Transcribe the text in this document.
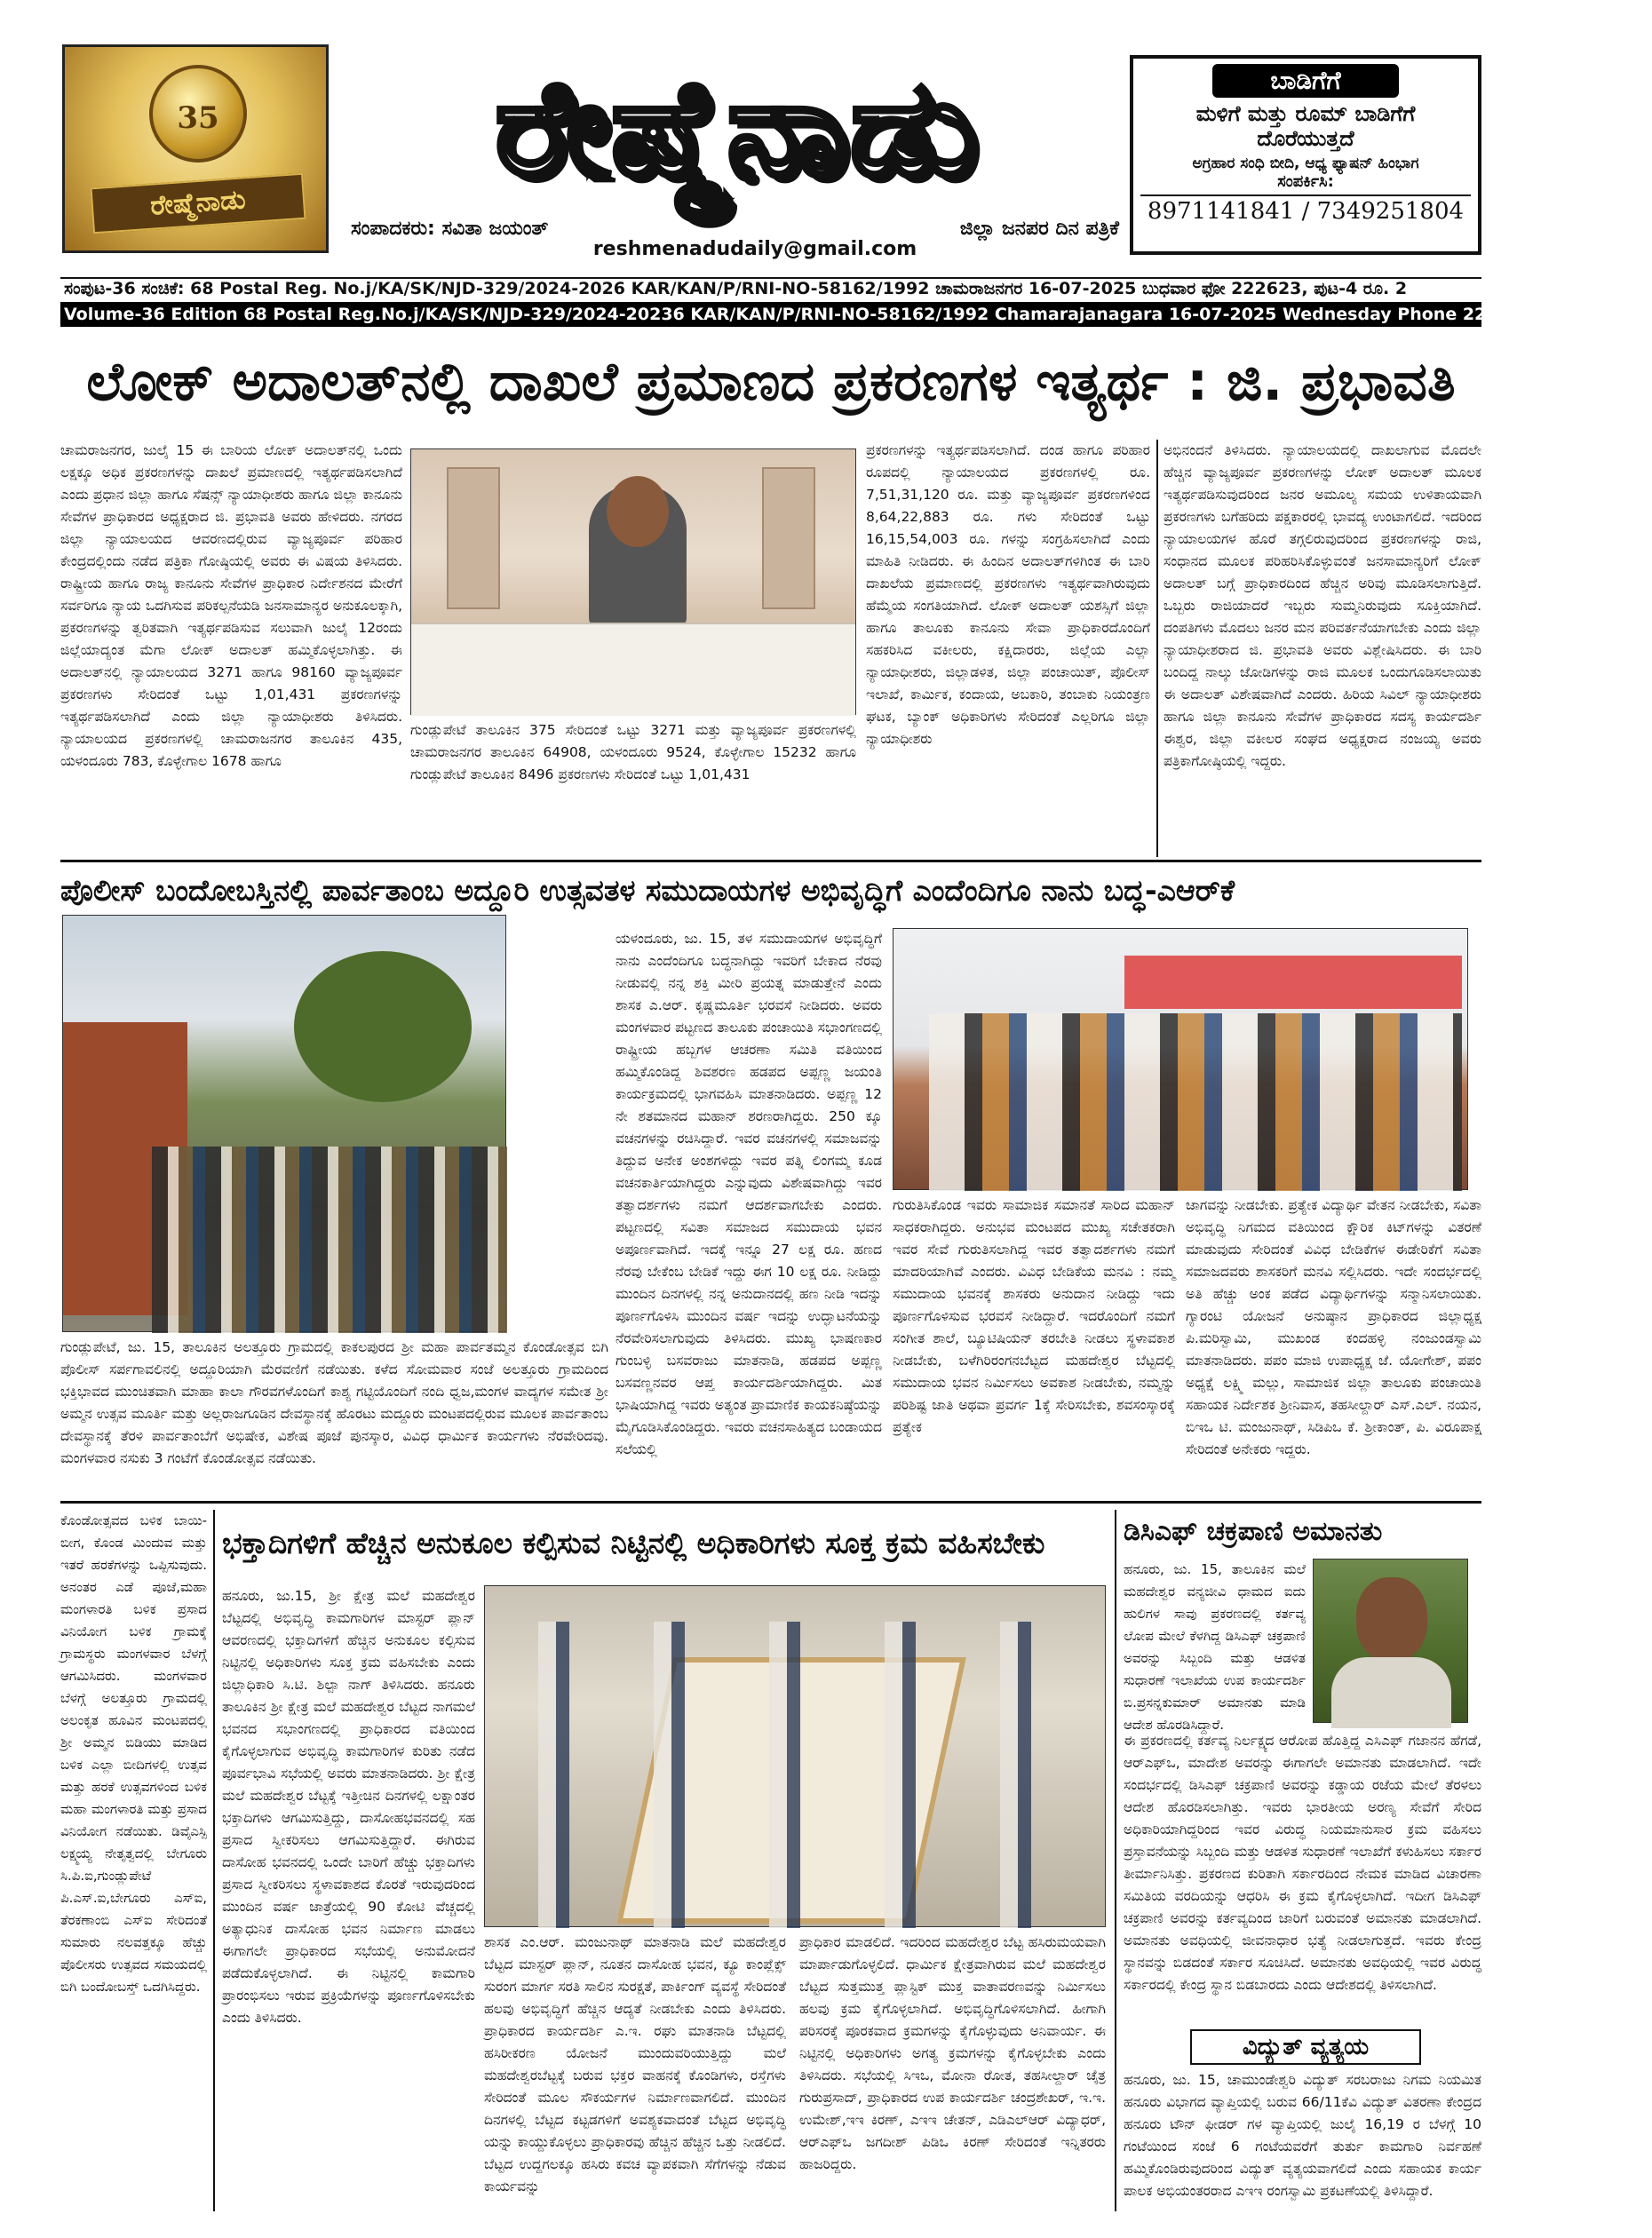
35
ರೇಷ್ಮೆನಾಡು	ರೇಷ್ಮೆನಾಡು
ಸಂಪಾದಕರು: ಸವಿತಾ ಜಯಂತ್	ಜಿಲ್ಲಾ ಜನಪರ ದಿನ ಪತ್ರಿಕೆ
reshmenadudaily@gmail.com
ಬಾಡಿಗೆಗೆ
ಮಳಿಗೆ ಮತ್ತು ರೂಮ್ ಬಾಡಿಗೆಗೆ
ದೊರೆಯುತ್ತದೆ
ಅಗ್ರಹಾರ ಸಂಧಿ ಬೀದಿ, ಆಧ್ಯ ಫ್ಯಾಷನ್ ಹಿಂಭಾಗ
ಸಂಪರ್ಕಿಸಿ:
8971141841 / 7349251804
ಸಂಪುಟ-36 ಸಂಚಿಕೆ: 68 Postal Reg. No.j/KA/SK/NJD-329/2024-2026 KAR/KAN/P/RNI-NO-58162/1992 ಚಾಮರಾಜನಗರ 16-07-2025 ಬುಧವಾರ ಫೋ 222623, ಪುಟ-4 ರೂ. 2
Volume-36 Edition 68 Postal Reg.No.j/KA/SK/NJD-329/2024-20236 KAR/KAN/P/RNI-NO-58162/1992 Chamarajanagara 16-07-2025 Wednesday Phone 222623 Page-4 Rs.2
ಲೋಕ್ ಅದಾಲತ್‌ನಲ್ಲಿ ದಾಖಲೆ ಪ್ರಮಾಣದ ಪ್ರಕರಣಗಳ ಇತ್ಯರ್ಥ : ಜಿ. ಪ್ರಭಾವತಿ
ಚಾಮರಾಜನಗರ, ಜುಲೈ 15 ಈ ಬಾರಿಯ ಲೋಕ್ ಅದಾಲತ್‌ನಲ್ಲಿ ಒಂದು ಲಕ್ಷಕ್ಕೂ ಅಧಿಕ ಪ್ರಕರಣಗಳನ್ನು ದಾಖಲೆ ಪ್ರಮಾಣದಲ್ಲಿ ಇತ್ಯರ್ಥಪಡಿಸಲಾಗಿದೆ ಎಂದು ಪ್ರಧಾನ ಜಿಲ್ಲಾ ಹಾಗೂ ಸೆಷನ್ಸ್ ನ್ಯಾಯಾಧೀಶರು ಹಾಗೂ ಜಿಲ್ಲಾ ಕಾನೂನು ಸೇವೆಗಳ ಪ್ರಾಧಿಕಾರದ ಅಧ್ಯಕ್ಷರಾದ ಜಿ. ಪ್ರಭಾವತಿ ಅವರು ಹೇಳಿದರು. ನಗರದ ಜಿಲ್ಲಾ ನ್ಯಾಯಾಲಯದ ಆವರಣದಲ್ಲಿರುವ ವ್ಯಾಜ್ಯಪೂರ್ವ ಪರಿಹಾರ ಕೇಂದ್ರದಲ್ಲಿಂದು ನಡೆದ ಪತ್ರಿಕಾ ಗೋಷ್ಠಿಯಲ್ಲಿ ಅವರು ಈ ವಿಷಯ ತಿಳಿಸಿದರು. ರಾಷ್ಟ್ರೀಯ ಹಾಗೂ ರಾಜ್ಯ ಕಾನೂನು ಸೇವೆಗಳ ಪ್ರಾಧಿಕಾರ ನಿರ್ದೇಶನದ ಮೇರೆಗೆ ಸರ್ವರಿಗೂ ನ್ಯಾಯ ಒದಗಿಸುವ ಪರಿಕಲ್ಪನೆಯಡಿ ಜನಸಾಮಾನ್ಯರ ಅನುಕೂಲಕ್ಕಾಗಿ, ಪ್ರಕರಣಗಳನ್ನು ತ್ವರಿತವಾಗಿ ಇತ್ಯರ್ಥಪಡಿಸುವ ಸಲುವಾಗಿ ಜುಲೈ 12ರಂದು ಜಿಲ್ಲೆಯಾದ್ಯಂತ ಮೆಗಾ ಲೋಕ್ ಅದಾಲತ್ ಹಮ್ಮಿಕೊಳ್ಳಲಾಗಿತ್ತು. ಈ ಅದಾಲತ್‌ನಲ್ಲಿ ನ್ಯಾಯಾಲಯದ 3271 ಹಾಗೂ 98160 ವ್ಯಾಜ್ಯಪೂರ್ವ ಪ್ರಕರಣಗಳು ಸೇರಿದಂತೆ ಒಟ್ಟು 1,01,431 ಪ್ರಕರಣಗಳನ್ನು ಇತ್ಯರ್ಥಪಡಿಸಲಾಗಿದೆ ಎಂದು ಜಿಲ್ಲಾ ನ್ಯಾಯಾಧೀಶರು ತಿಳಿಸಿದರು. ನ್ಯಾಯಾಲಯದ ಪ್ರಕರಣಗಳಲ್ಲಿ ಚಾಮರಾಜನಗರ ತಾಲೂಕಿನ 435, ಯಳಂದೂರು 783, ಕೊಳ್ಳೇಗಾಲ 1678 ಹಾಗೂ
ಗುಂಡ್ಲುಪೇಟೆ ತಾಲೂಕಿನ 375 ಸೇರಿದಂತೆ ಒಟ್ಟು 3271 ಮತ್ತು ವ್ಯಾಜ್ಯಪೂರ್ವ ಪ್ರಕರಣಗಳಲ್ಲಿ ಚಾಮರಾಜನಗರ ತಾಲೂಕಿನ 64908, ಯಳಂದೂರು 9524, ಕೊಳ್ಳೇಗಾಲ 15232 ಹಾಗೂ ಗುಂಡ್ಲುಪೇಟೆ ತಾಲೂಕಿನ 8496 ಪ್ರಕರಣಗಳು ಸೇರಿದಂತೆ ಒಟ್ಟು 1,01,431
ಪ್ರಕರಣಗಳನ್ನು ಇತ್ಯರ್ಥಪಡಿಸಲಾಗಿದೆ. ದಂಡ ಹಾಗೂ ಪರಿಹಾರ ರೂಪದಲ್ಲಿ ನ್ಯಾಯಾಲಯದ ಪ್ರಕರಣಗಳಲ್ಲಿ ರೂ. 7,51,31,120 ರೂ. ಮತ್ತು ವ್ಯಾಜ್ಯಪೂರ್ವ ಪ್ರಕರಣಗಳಿಂದ 8,64,22,883 ರೂ. ಗಳು ಸೇರಿದಂತೆ ಒಟ್ಟು 16,15,54,003 ರೂ. ಗಳನ್ನು ಸಂಗ್ರಹಿಸಲಾಗಿದೆ ಎಂದು ಮಾಹಿತಿ ನೀಡಿದರು. ಈ ಹಿಂದಿನ ಅದಾಲತ್‌ಗಳಿಗಿಂತ ಈ ಬಾರಿ ದಾಖಲೆಯ ಪ್ರಮಾಣದಲ್ಲಿ ಪ್ರಕರಣಗಳು ಇತ್ಯರ್ಥವಾಗಿರುವುದು ಹೆಮ್ಮೆಯ ಸಂಗತಿಯಾಗಿದೆ. ಲೋಕ್ ಅದಾಲತ್ ಯಶಸ್ಸಿಗೆ ಜಿಲ್ಲಾ ಹಾಗೂ ತಾಲೂಕು ಕಾನೂನು ಸೇವಾ ಪ್ರಾಧಿಕಾರದೊಂದಿಗೆ ಸಹಕರಿಸಿದ ವಕೀಲರು, ಕಕ್ಷಿದಾರರು, ಜಿಲ್ಲೆಯ ಎಲ್ಲಾ ನ್ಯಾಯಾಧೀಶರು, ಜಿಲ್ಲಾಡಳಿತ, ಜಿಲ್ಲಾ ಪಂಚಾಯಿತ್, ಪೊಲೀಸ್ ಇಲಾಖೆ, ಕಾರ್ಮಿಕ, ಕಂದಾಯ, ಅಬಕಾರಿ, ತಂಬಾಕು ನಿಯಂತ್ರಣ ಘಟಕ, ಬ್ಯಾಂಕ್ ಅಧಿಕಾರಿಗಳು ಸೇರಿದಂತೆ ಎಲ್ಲರಿಗೂ ಜಿಲ್ಲಾ ನ್ಯಾಯಾಧೀಶರು
ಅಭಿನಂದನೆ ತಿಳಿಸಿದರು. ನ್ಯಾಯಾಲಯದಲ್ಲಿ ದಾಖಲಾಗುವ ಮೊದಲೇ ಹೆಚ್ಚಿನ ವ್ಯಾಜ್ಯಪೂರ್ವ ಪ್ರಕರಣಗಳನ್ನು ಲೋಕ್ ಅದಾಲತ್ ಮೂಲಕ ಇತ್ಯರ್ಥಪಡಿಸುವುದರಿಂದ ಜನರ ಅಮೂಲ್ಯ ಸಮಯ ಉಳಿತಾಯವಾಗಿ ಪ್ರಕರಣಗಳು ಬಗೆಹರಿದು ಪಕ್ಷಕಾರರಲ್ಲಿ ಭಾವದ್ಯ ಉಂಟಾಗಲಿದೆ. ಇದರಿಂದ ನ್ಯಾಯಾಲಯಗಳ ಹೊರೆ ತಗ್ಗಲಿರುವುದರಿಂದ ಪ್ರಕರಣಗಳನ್ನು ರಾಜಿ, ಸಂಧಾನದ ಮೂಲಕ ಪರಿಹರಿಸಿಕೊಳ್ಳುವಂತೆ ಜನಸಾಮಾನ್ಯರಿಗೆ ಲೋಕ್ ಅದಾಲತ್ ಬಗ್ಗೆ ಪ್ರಾಧಿಕಾರದಿಂದ ಹೆಚ್ಚಿನ ಅರಿವು ಮೂಡಿಸಲಾಗುತ್ತಿದೆ. ಒಬ್ಬರು ರಾಜಿಯಾದರೆ ಇಬ್ಬರು ಸುಮ್ಮನಿರುವುದು ಸೂಕ್ತಿಯಾಗಿದೆ. ದಂಪತಿಗಳು ಮೊದಲು ಜನರ ಮನ ಪರಿವರ್ತನೆಯಾಗಬೇಕು ಎಂದು ಜಿಲ್ಲಾ ನ್ಯಾಯಾಧೀಶರಾದ ಜಿ. ಪ್ರಭಾವತಿ ಅವರು ವಿಶ್ಲೇಷಿಸಿದರು. ಈ ಬಾರಿ ಬಂದಿದ್ದ ನಾಲ್ಕು ಜೋಡಿಗಳನ್ನು ರಾಜಿ ಮೂಲಕ ಒಂದುಗೂಡಿಸಲಾಯಿತು ಈ ಅದಾಲತ್ ವಿಶೇಷವಾಗಿದೆ ಎಂದರು. ಹಿರಿಯ ಸಿವಿಲ್ ನ್ಯಾಯಾಧೀಶರು ಹಾಗೂ ಜಿಲ್ಲಾ ಕಾನೂನು ಸೇವೆಗಳ ಪ್ರಾಧಿಕಾರದ ಸದಸ್ಯ ಕಾರ್ಯದರ್ಶಿ ಈಶ್ವರ, ಜಿಲ್ಲಾ ವಕೀಲರ ಸಂಘದ ಅಧ್ಯಕ್ಷರಾದ ನಂಜಯ್ಯ ಅವರು ಪತ್ರಿಕಾಗೋಷ್ಠಿಯಲ್ಲಿ ಇದ್ದರು.
ಪೊಲೀಸ್ ಬಂದೋಬಸ್ತಿನಲ್ಲಿ ಪಾರ್ವತಾಂಬ ಅದ್ದೂರಿ ಉತ್ಸವ
ಗುಂಡ್ಲುಪೇಟೆ, ಜು. 15, ತಾಲೂಕಿನ ಅಲತ್ತೂರು ಗ್ರಾಮದಲ್ಲಿ ಕಾಕಲಪುರದ ಶ್ರೀ ಮಹಾ ಪಾರ್ವತಮ್ಮನ ಕೊಂಡೋತ್ಸವ ಬಿಗಿ ಪೊಲೀಸ್ ಸರ್ಪಗಾವಲಿನಲ್ಲಿ ಅದ್ದೂರಿಯಾಗಿ ಮೆರವಣಿಗೆ ನಡೆಯಿತು. ಕಳೆದ ಸೋಮವಾರ ಸಂಜೆ ಅಲತ್ತೂರು ಗ್ರಾಮದಿಂದ ಭಕ್ತಿಭಾವದ ಮುಂಚಿತವಾಗಿ ಮಾಹಾ ಕಾಲಾ ಗೌರವಗಳೊಂದಿಗೆ ಕಾಶ್ಯ ಗಟ್ಟಿಯೊಂದಿಗೆ ನಂದಿ ಧ್ವಜ,ಮಂಗಳ ವಾದ್ಯಗಳ ಸಮೇತ ಶ್ರೀ ಅಮ್ಮನ ಉತ್ಸವ ಮೂರ್ತಿ ಮತ್ತು ಅಲ್ಲರಾಜಗೂಡಿನ ದೇವಸ್ಥಾನಕ್ಕೆ ಹೊರಟು ಮದ್ದೂರು ಮಂಟಪದಲ್ಲಿರುವ ಮೂಲಕ ಪಾರ್ವತಾಂಬ ದೇವಸ್ಥಾನಕ್ಕೆ ತೆರಳಿ ಪಾರ್ವತಾಂಬೆಗೆ ಅಭಿಷೇಕ, ವಿಶೇಷ ಪೂಜೆ ಪುನಸ್ಕಾರ, ವಿವಿಧ ಧಾರ್ಮಿಕ ಕಾರ್ಯಗಳು ನೆರವೇರಿದವು. ಮಂಗಳವಾರ ನಸುಕು 3 ಗಂಟೆಗೆ ಕೊಂಡೋತ್ಸವ ನಡೆಯಿತು.
ತಳ ಸಮುದಾಯಗಳ ಅಭಿವೃದ್ಧಿಗೆ ಎಂದೆಂದಿಗೂ ನಾನು ಬದ್ಧ-ಎಆರ್‌ಕೆ
ಯಳಂದೂರು, ಜು. 15, ತಳ ಸಮುದಾಯಗಳ ಅಭಿವೃದ್ಧಿಗೆ ನಾನು ಎಂದೆಂದಿಗೂ ಬದ್ಧನಾಗಿದ್ದು ಇವರಿಗೆ ಬೇಕಾದ ನೆರವು ನೀಡುವಲ್ಲಿ ನನ್ನ ಶಕ್ತಿ ಮೀರಿ ಪ್ರಯತ್ನ ಮಾಡುತ್ತೇನೆ ಎಂದು ಶಾಸಕ ಎ.ಆರ್. ಕೃಷ್ಣಮೂರ್ತಿ ಭರವಸೆ ನೀಡಿದರು. ಅವರು ಮಂಗಳವಾರ ಪಟ್ಟಣದ ತಾಲೂಕು ಪಂಚಾಯಿತಿ ಸಭಾಂಗಣದಲ್ಲಿ ರಾಷ್ಟ್ರೀಯ ಹಬ್ಬಗಳ ಆಚರಣಾ ಸಮಿತಿ ವತಿಯಿಂದ ಹಮ್ಮಿಕೊಂಡಿದ್ದ ಶಿವಶರಣ ಹಡಪದ ಅಪ್ಪಣ್ಣ ಜಯಂತಿ ಕಾರ್ಯಕ್ರಮದಲ್ಲಿ ಭಾಗವಹಿಸಿ ಮಾತನಾಡಿದರು. ಅಪ್ಪಣ್ಣ 12 ನೇ ಶತಮಾನದ ಮಹಾನ್ ಶರಣರಾಗಿದ್ದರು. 250 ಕ್ಕೂ ವಚನಗಳನ್ನು ರಚಿಸಿದ್ದಾರೆ. ಇವರ ವಚನಗಳಲ್ಲಿ ಸಮಾಜವನ್ನು ತಿದ್ದುವ ಅನೇಕ ಅಂಶಗಳಿದ್ದು ಇವರ ಪತ್ನಿ ಲಿಂಗಮ್ಮ ಕೂಡ ವಚನಕಾರ್ತಿಯಾಗಿದ್ದರು ಎನ್ನುವುದು ವಿಶೇಷವಾಗಿದ್ದು ಇವರ ತತ್ವಾದರ್ಶಗಳು ನಮಗೆ ಆದರ್ಶವಾಗಬೇಕು ಎಂದರು. ಪಟ್ಟಣದಲ್ಲಿ ಸವಿತಾ ಸಮಾಜದ ಸಮುದಾಯ ಭವನ ಅಪೂರ್ಣವಾಗಿದೆ. ಇದಕ್ಕೆ ಇನ್ನೂ 27 ಲಕ್ಷ ರೂ. ಹಣದ ನೆರವು ಬೇಕೆಂಬ ಬೇಡಿಕೆ ಇದ್ದು ಈಗ 10 ಲಕ್ಷ ರೂ. ನೀಡಿದ್ದು ಮುಂದಿನ ದಿನಗಳಲ್ಲಿ ನನ್ನ ಅನುದಾನದಲ್ಲಿ ಹಣ ನೀಡಿ ಇದನ್ನು ಪೂರ್ಣಗೊಳಿಸಿ ಮುಂದಿನ ವರ್ಷ ಇದನ್ನು ಉದ್ಘಾಟನೆಯನ್ನು ನೆರವೇರಿಸಲಾಗುವುದು ತಿಳಿಸಿದರು. ಮುಖ್ಯ ಭಾಷಣಕಾರ ಗುಂಬಳ್ಳಿ ಬಸವರಾಜು ಮಾತನಾಡಿ, ಹಡಪದ ಅಪ್ಪಣ್ಣ ಬಸವಣ್ಣನವರ ಆಪ್ತ ಕಾರ್ಯದರ್ಶಿಯಾಗಿದ್ದರು. ಮಿತ ಭಾಷಿಯಾಗಿದ್ದ ಇವರು ಅತ್ಯಂತ ಪ್ರಾಮಾಣಿಕ ಕಾಯಕನಿಷ್ಠೆಯನ್ನು ಮೈಗೂಡಿಸಿಕೊಂಡಿದ್ದರು. ಇವರು ವಚನಸಾಹಿತ್ಯದ ಬಂಡಾಯದ ಸಲೆಯಲ್ಲಿ
ಗುರುತಿಸಿಕೊಂಡ ಇವರು ಸಾಮಾಜಿಕ ಸಮಾನತೆ ಸಾರಿದ ಮಹಾನ್ ಸಾಧಕರಾಗಿದ್ದರು. ಅನುಭವ ಮಂಟಪದ ಮುಖ್ಯ ಸಚೇತಕರಾಗಿ ಇವರ ಸೇವೆ ಗುರುತಿಸಲಾಗಿದ್ದ ಇವರ ತತ್ವಾದರ್ಶಗಳು ನಮಗೆ ಮಾದರಿಯಾಗಿವೆ ಎಂದರು. ವಿವಿಧ ಬೇಡಿಕೆಯ ಮನವಿ : ನಮ್ಮ ಸಮುದಾಯ ಭವನಕ್ಕೆ ಶಾಸಕರು ಅನುದಾನ ನೀಡಿದ್ದು ಇದು ಪೂರ್ಣಗೊಳಿಸುವ ಭರವಸೆ ನೀಡಿದ್ದಾರೆ. ಇದರೊಂದಿಗೆ ನಮಗೆ ಸಂಗೀತ ಶಾಲೆ, ಬ್ಯೂಟಿಷಿಯನ್ ತರಬೇತಿ ನೀಡಲು ಸ್ಥಳಾವಕಾಶ ನೀಡಬೇಕು, ಬಳೆಗಿರಿರಂಗನಬೆಟ್ಟದ ಮಹದೇಶ್ವರ ಬೆಟ್ಟದಲ್ಲಿ ಸಮುದಾಯ ಭವನ ನಿರ್ಮಿಸಲು ಅವಕಾಶ ನೀಡಬೇಕು, ನಮ್ಮನ್ನು ಪರಿಶಿಷ್ಟ ಜಾತಿ ಅಥವಾ ಪ್ರವರ್ಗ 1ಕ್ಕೆ ಸೇರಿಸಬೇಕು, ಶವಸಂಸ್ಕಾರಕ್ಕೆ ಪ್ರತ್ಯೇಕ
ಜಾಗವನ್ನು ನೀಡಬೇಕು. ಪ್ರತ್ಯೇಕ ವಿದ್ಯಾರ್ಥಿ ವೇತನ ನೀಡಬೇಕು, ಸವಿತಾ ಅಭಿವೃದ್ಧಿ ನಿಗಮದ ವತಿಯಿಂದ ಕ್ಷೌರಿಕ ಕಿಟ್‌ಗಳನ್ನು ವಿತರಣೆ ಮಾಡುವುದು ಸೇರಿದಂತೆ ವಿವಿಧ ಬೇಡಿಕೆಗಳ ಈಡೇರಿಕೆಗೆ ಸವಿತಾ ಸಮಾಜದವರು ಶಾಸಕರಿಗೆ ಮನವಿ ಸಲ್ಲಿಸಿದರು. ಇದೇ ಸಂದರ್ಭದಲ್ಲಿ ಅತಿ ಹೆಚ್ಚು ಅಂಕ ಪಡೆದ ವಿದ್ಯಾರ್ಥಿಗಳನ್ನು ಸನ್ಮಾನಿಸಲಾಯಿತು. ಗ್ಯಾರಂಟಿ ಯೋಜನೆ ಅನುಷ್ಠಾನ ಪ್ರಾಧಿಕಾರದ ಜಿಲ್ಲಾಧ್ಯಕ್ಷ ಪಿ.ಮರಿಸ್ವಾಮಿ, ಮುಖಂಡ ಕಂದಹಳ್ಳಿ ನಂಜುಂಡಸ್ವಾಮಿ ಮಾತನಾಡಿದರು. ಪಪಂ ಮಾಜಿ ಉಪಾಧ್ಯಕ್ಷ ಜೆ. ಯೋಗೇಶ್, ಪಪಂ ಅಧ್ಯಕ್ಷೆ ಲಕ್ಷ್ಮಿ ಮಲ್ಲು, ಸಾಮಾಜಿಕ ಜಿಲ್ಲಾ ತಾಲೂಕು ಪಂಚಾಯಿತಿ ಸಹಾಯಕ ನಿರ್ದೇಶಕ ಶ್ರೀನಿವಾಸ, ತಹಸೀಲ್ದಾರ್ ಎಸ್.ಎಲ್. ನಯನ, ಬಿಇಒ ಟಿ. ಮಂಜುನಾಥ್, ಸಿಡಿಪಿಒ ಕೆ. ಶ್ರೀಕಾಂತ್, ಪಿ. ವಿರೂಪಾಕ್ಷ ಸೇರಿದಂತೆ ಅನೇಕರು ಇದ್ದರು.
ಕೊಂಡೋತ್ಸವದ ಬಳಿಕ ಬಾಯಿ-ಬೀಗ, ಕೊಂಡ ಮಿಂದುವ ಮತ್ತು ಇತರೆ ಹರಕೆಗಳನ್ನು ಒಪ್ಪಿಸುವುದು. ಅನಂತರ ಎಡೆ ಪೂಜೆ,ಮಹಾ ಮಂಗಳಾರತಿ ಬಳಿಕ ಪ್ರಸಾದ ವಿನಿಯೋಗ ಬಳಿಕ ಗ್ರಾಮಕ್ಕೆ ಗ್ರಾಮಸ್ಥರು ಮಂಗಳವಾರ ಬೆಳಗ್ಗೆ ಆಗಮಿಸಿದರು. ಮಂಗಳವಾರ ಬೆಳಗ್ಗೆ ಅಲತ್ತೂರು ಗ್ರಾಮದಲ್ಲಿ ಅಲಂಕೃತ ಹೂವಿನ ಮಂಟಪದಲ್ಲಿ ಶ್ರೀ ಅಮ್ಮನ ಬಿಡಿಯು ಮಾಡಿದ ಬಳಿಕ ಎಲ್ಲಾ ಬೀದಿಗಳಲ್ಲಿ ಉತ್ಸವ ಮತ್ತು ಹರಕೆ ಉತ್ಸವಗಳಿಂದ ಬಳಿಕ ಮಹಾ ಮಂಗಳಾರತಿ ಮತ್ತು ಪ್ರಸಾದ ವಿನಿಯೋಗ ನಡೆಯಿತು. ಡಿವೈಎಸ್ಪಿ ಲಕ್ಷ್ಮಯ್ಯ ನೇತೃತ್ವದಲ್ಲಿ ಬೇಗೂರು ಸಿ.ಪಿ.ಐ,ಗುಂಡ್ಲುಪೇಟೆ ಪಿ.ಎಸ್.ಐ,ಬೇಗೂರು ಎಸ್‌ಐ, ತೆರಕಣಾಂಬಿ ಎಸ್‌ಐ ಸೇರಿದಂತೆ ಸುಮಾರು ನಲವತ್ತಕ್ಕೂ ಹೆಚ್ಚು ಪೊಲೀಸರು ಉತ್ಸವದ ಸಮಯದಲ್ಲಿ ಬಿಗಿ ಬಂದೋಬಸ್ತ್ ಒದಗಿಸಿದ್ದರು.
ಭಕ್ತಾದಿಗಳಿಗೆ ಹೆಚ್ಚಿನ ಅನುಕೂಲ ಕಲ್ಪಿಸುವ ನಿಟ್ಟಿನಲ್ಲಿ ಅಧಿಕಾರಿಗಳು ಸೂಕ್ತ ಕ್ರಮ ವಹಿಸಬೇಕು
ಹನೂರು, ಜು.15, ಶ್ರೀ ಕ್ಷೇತ್ರ ಮಲೆ ಮಹದೇಶ್ವರ ಬೆಟ್ಟದಲ್ಲಿ ಅಭಿವೃದ್ಧಿ ಕಾಮಗಾರಿಗಳ ಮಾಸ್ಟರ್ ಪ್ಲಾನ್ ಆವರಣದಲ್ಲಿ ಭಕ್ತಾದಿಗಳಿಗೆ ಹೆಚ್ಚಿನ ಅನುಕೂಲ ಕಲ್ಪಿಸುವ ನಿಟ್ಟಿನಲ್ಲಿ ಅಧಿಕಾರಿಗಳು ಸೂಕ್ತ ಕ್ರಮ ವಹಿಸಬೇಕು ಎಂದು ಜಿಲ್ಲಾಧಿಕಾರಿ ಸಿ.ಟಿ. ಶಿಲ್ಪಾ ನಾಗ್ ತಿಳಿಸಿದರು. ಹನೂರು ತಾಲೂಕಿನ ಶ್ರೀ ಕ್ಷೇತ್ರ ಮಲೆ ಮಹದೇಶ್ವರ ಬೆಟ್ಟದ ನಾಗಮಲೆ ಭವನದ ಸಭಾಂಗಣದಲ್ಲಿ ಪ್ರಾಧಿಕಾರದ ವತಿಯಿಂದ ಕೈಗೊಳ್ಳಲಾಗುವ ಅಭಿವೃದ್ಧಿ ಕಾಮಗಾರಿಗಳ ಕುರಿತು ನಡೆದ ಪೂರ್ವಭಾವಿ ಸಭೆಯಲ್ಲಿ ಅವರು ಮಾತನಾಡಿದರು. ಶ್ರೀ ಕ್ಷೇತ್ರ ಮಲೆ ಮಹದೇಶ್ವರ ಬೆಟ್ಟಕ್ಕೆ ಇತ್ತೀಚಿನ ದಿನಗಳಲ್ಲಿ ಲಕ್ಷಾಂತರ ಭಕ್ತಾದಿಗಳು ಆಗಮಿಸುತ್ತಿದ್ದು, ದಾಸೋಹಭವನದಲ್ಲಿ ಸಹ ಪ್ರಸಾದ ಸ್ವೀಕರಿಸಲು ಆಗಮಿಸುತ್ತಿದ್ದಾರೆ. ಈಗಿರುವ ದಾಸೋಹ ಭವನದಲ್ಲಿ ಒಂದೇ ಬಾರಿಗೆ ಹೆಚ್ಚು ಭಕ್ತಾದಿಗಳು ಪ್ರಸಾದ ಸ್ವೀಕರಿಸಲು ಸ್ಥಳಾವಕಾಶದ ಕೊರತೆ ಇರುವುದರಿಂದ ಮುಂದಿನ ವರ್ಷ ಜಾತ್ರೆಯಲ್ಲಿ 90 ಕೋಟಿ ವೆಚ್ಚದಲ್ಲಿ ಅತ್ಯಾಧುನಿಕ ದಾಸೋಹ ಭವನ ನಿರ್ಮಾಣ ಮಾಡಲು ಈಗಾಗಲೇ ಪ್ರಾಧಿಕಾರದ ಸಭೆಯಲ್ಲಿ ಅನುಮೋದನೆ ಪಡೆದುಕೊಳ್ಳಲಾಗಿದೆ. ಈ ನಿಟ್ಟಿನಲ್ಲಿ ಕಾಮಗಾರಿ ಪ್ರಾರಂಭಿಸಲು ಇರುವ ಪ್ರಕ್ರಿಯೆಗಳನ್ನು ಪೂರ್ಣಗೊಳಿಸಬೇಕು ಎಂದು ತಿಳಿಸಿದರು.
ಶಾಸಕ ಎಂ.ಆರ್. ಮಂಜುನಾಥ್ ಮಾತನಾಡಿ ಮಲೆ ಮಹದೇಶ್ವರ ಬೆಟ್ಟದ ಮಾಸ್ಟರ್ ಪ್ಲಾನ್, ನೂತನ ದಾಸೋಹ ಭವನ, ಕ್ಯೂ ಕಾಂಪ್ಲೆಕ್ಸ್ ಸುರಂಗ ಮಾರ್ಗ ಸರತಿ ಸಾಲಿನ ಸುರಕ್ಷತೆ, ಪಾರ್ಕಿಂಗ್ ವ್ಯವಸ್ಥೆ ಸೇರಿದಂತೆ ಹಲವು ಅಭಿವೃದ್ಧಿಗೆ ಹೆಚ್ಚಿನ ಆದ್ಯತೆ ನೀಡಬೇಕು ಎಂದು ತಿಳಿಸಿದರು. ಪ್ರಾಧಿಕಾರದ ಕಾರ್ಯದರ್ಶಿ ಎ.ಇ. ರಘು ಮಾತನಾಡಿ ಬೆಟ್ಟದಲ್ಲಿ ಹಸಿರೀಕರಣ ಯೋಜನೆ ಮುಂದುವರಿಯುತ್ತಿದ್ದು ಮಲೆ ಮಹದೇಶ್ವರಬೆಟ್ಟಕ್ಕೆ ಬರುವ ಭಕ್ತರ ವಾಹನಕ್ಕೆ ಕೊಂಡಿಗಳು, ರಸ್ತೆಗಳು ಸೇರಿದಂತೆ ಮೂಲ ಸೌಕರ್ಯಗಳ ನಿರ್ಮಾಣವಾಗಲಿದೆ. ಮುಂದಿನ ದಿನಗಳಲ್ಲಿ ಬೆಟ್ಟದ ಕಟ್ಟಡಗಳಿಗೆ ಅವಶ್ಯಕವಾದಂತೆ ಬೆಟ್ಟದ ಅಭಿವೃದ್ಧಿ ಯನ್ನು ಕಾಯ್ದುಕೊಳ್ಳಲು ಪ್ರಾಧಿಕಾರವು ಹೆಚ್ಚಿನ ಹೆಚ್ಚಿನ ಒತ್ತು ನೀಡಲಿದೆ. ಬೆಟ್ಟದ ಉದ್ದಗಲಕ್ಕೂ ಹಸಿರು ಕವಚ ವ್ಯಾಪಕವಾಗಿ ಸೆಗೆಗಳನ್ನು ನೆಡುವ ಕಾರ್ಯವನ್ನು
ಪ್ರಾಧಿಕಾರ ಮಾಡಲಿದೆ. ಇದರಿಂದ ಮಹದೇಶ್ವರ ಬೆಟ್ಟ ಹಸಿರುಮಯವಾಗಿ ಮಾರ್ಪಾಡುಗೊಳ್ಳಲಿದೆ. ಧಾರ್ಮಿಕ ಕ್ಷೇತ್ರವಾಗಿರುವ ಮಲೆ ಮಹದೇಶ್ವರ ಬೆಟ್ಟದ ಸುತ್ತಮುತ್ತ ಪ್ಲಾಸ್ಟಿಕ್ ಮುಕ್ತ ವಾತಾವರಣವನ್ನು ನಿರ್ಮಿಸಲು ಹಲವು ಕ್ರಮ ಕೈಗೊಳ್ಳಲಾಗಿದೆ. ಅಭಿವೃದ್ಧಿಗೊಳಿಸಲಾಗಿದೆ. ಹೀಗಾಗಿ ಪರಿಸರಕ್ಕೆ ಪೂರಕವಾದ ಕ್ರಮಗಳನ್ನು ಕೈಗೊಳ್ಳುವುದು ಅನಿವಾರ್ಯ. ಈ ನಿಟ್ಟಿನಲ್ಲಿ ಅಧಿಕಾರಿಗಳು ಅಗತ್ಯ ಕ್ರಮಗಳನ್ನು ಕೈಗೊಳ್ಳಬೇಕು ಎಂದು ತಿಳಿಸಿದರು. ಸಭೆಯಲ್ಲಿ ಸಿಇಒ, ಮೋನಾ ರೋತ, ತಹಸೀಲ್ದಾರ್ ಚೈತ್ರ ಗುರುಪ್ರಸಾದ್, ಪ್ರಾಧಿಕಾರದ ಉಪ ಕಾರ್ಯದರ್ಶಿ ಚಂದ್ರಶೇಖರ್, ಇ.ಇ. ಉಮೇಶ್,ಇಇ ಕಿರಣ್, ಎಇಇ ಚೇತನ್, ಎಡಿಎಲ್‌ಆರ್ ವಿದ್ಯಾಧರ್, ಆರ್‌ಎಫ್‌ಒ ಜಗದೀಶ್ ಪಿಡಿಒ ಕಿರಣ್ ಸೇರಿದಂತೆ ಇನ್ನಿತರರು ಹಾಜರಿದ್ದರು.
ಡಿಸಿಎಫ್ ಚಕ್ರಪಾಣಿ ಅಮಾನತು
ಹನೂರು, ಜು. 15, ತಾಲೂಕಿನ ಮಲೆ ಮಹದೇಶ್ವರ ವನ್ಯಜೀವಿ ಧಾಮದ ಐದು ಹುಲಿಗಳ ಸಾವು ಪ್ರಕರಣದಲ್ಲಿ ಕರ್ತವ್ಯ ಲೋಪ ಮೇಲೆ ಕೆಳಗಿದ್ದ ಡಿಸಿಎಫ್ ಚಕ್ರಪಾಣಿ ಅವರನ್ನು ಸಿಬ್ಬಂದಿ ಮತ್ತು ಆಡಳಿತ ಸುಧಾರಣೆ ಇಲಾಖೆಯ ಉಪ ಕಾರ್ಯದರ್ಶಿ ಬಿ.ಪ್ರಸನ್ನಕುಮಾರ್ ಅಮಾನತು ಮಾಡಿ ಆದೇಶ ಹೊರಡಿಸಿದ್ದಾರೆ.
ಈ ಪ್ರಕರಣದಲ್ಲಿ ಕರ್ತವ್ಯ ನಿರ್ಲಕ್ಷ್ಯದ ಆರೋಪ ಹೊತ್ತಿದ್ದ ಎಸಿಎಫ್ ಗಜಾನನ ಹೆಗಡೆ, ಆರ್‌ಎಫ್‌ಒ, ಮಾದೇಶ ಅವರನ್ನು ಈಗಾಗಲೇ ಅಮಾನತು ಮಾಡಲಾಗಿದೆ. ಇದೇ ಸಂದರ್ಭದಲ್ಲಿ ಡಿಸಿಎಫ್ ಚಕ್ರಪಾಣಿ ಅವರನ್ನು ಕಡ್ಡಾಯ ರಜೆಯ ಮೇಲೆ ತೆರಳಲು ಆದೇಶ ಹೊರಡಿಸಲಾಗಿತ್ತು. ಇವರು ಭಾರತೀಯ ಅರಣ್ಯ ಸೇವೆಗೆ ಸೇರಿದ ಅಧಿಕಾರಿಯಾಗಿದ್ದರಿಂದ ಇವರ ವಿರುದ್ಧ ನಿಯಮಾನುಸಾರ ಕ್ರಮ ವಹಿಸಲು ಪ್ರಸ್ತಾವನೆಯನ್ನು ಸಿಬ್ಬಂದಿ ಮತ್ತು ಆಡಳಿತ ಸುಧಾರಣೆ ಇಲಾಖೆಗೆ ಕಳುಹಿಸಲು ಸರ್ಕಾರ ತೀರ್ಮಾನಿಸಿತ್ತು. ಪ್ರಕರಣದ ಕುರಿತಾಗಿ ಸರ್ಕಾರದಿಂದ ನೇಮಕ ಮಾಡಿದ ವಿಚಾರಣಾ ಸಮಿತಿಯ ವರದಿಯನ್ನು ಆಧರಿಸಿ ಈ ಕ್ರಮ ಕೈಗೊಳ್ಳಲಾಗಿದೆ. ಇದೀಗ ಡಿಸಿಎಫ್ ಚಕ್ರಪಾಣಿ ಅವರನ್ನು ಕರ್ತವ್ಯದಿಂದ ಜಾರಿಗೆ ಬರುವಂತೆ ಅಮಾನತು ಮಾಡಲಾಗಿದೆ. ಅಮಾನತು ಅವಧಿಯಲ್ಲಿ ಜೀವನಾಧಾರ ಭತ್ಯೆ ನೀಡಲಾಗುತ್ತದೆ. ಇವರು ಕೇಂದ್ರ ಸ್ಥಾನವನ್ನು ಬಿಡದಂತೆ ಸರ್ಕಾರ ಸೂಚಿಸಿದೆ. ಅಮಾನತು ಅವಧಿಯಲ್ಲಿ ಇವರ ವಿರುದ್ಧ ಸರ್ಕಾರದಲ್ಲಿ ಕೇಂದ್ರ ಸ್ಥಾನ ಬಿಡಬಾರದು ಎಂದು ಆದೇಶದಲ್ಲಿ ತಿಳಿಸಲಾಗಿದೆ.
ವಿದ್ಯುತ್ ವ್ಯತ್ಯಯ
ಹನೂರು, ಜು. 15, ಚಾಮುಂಡೇಶ್ವರಿ ವಿದ್ಯುತ್ ಸರಬರಾಜು ನಿಗಮ ನಿಯಮಿತ ಹನೂರು ವಿಭಾಗದ ವ್ಯಾಪ್ತಿಯಲ್ಲಿ ಬರುವ 66/11ಕೆವಿ ವಿದ್ಯುತ್ ವಿತರಣಾ ಕೇಂದ್ರದ ಹನೂರು ಟೌನ್ ಫೀಡರ್ ಗಳ ವ್ಯಾಪ್ತಿಯಲ್ಲಿ ಜುಲೈ 16,19 ರ ಬೆಳಗ್ಗೆ 10 ಗಂಟೆಯಿಂದ ಸಂಜೆ 6 ಗಂಟೆಯವರೆಗೆ ತುರ್ತು ಕಾಮಗಾರಿ ನಿರ್ವಹಣೆ ಹಮ್ಮಿಕೊಂಡಿರುವುದರಿಂದ ವಿದ್ಯುತ್ ವ್ಯತ್ಯಯವಾಗಲಿದೆ ಎಂದು ಸಹಾಯಕ ಕಾರ್ಯ ಪಾಲಕ ಅಭಿಯಂತರರಾದ ಎಇಇ ರಂಗಸ್ವಾಮಿ ಪ್ರಕಟಣೆಯಲ್ಲಿ ತಿಳಿಸಿದ್ದಾರೆ.
